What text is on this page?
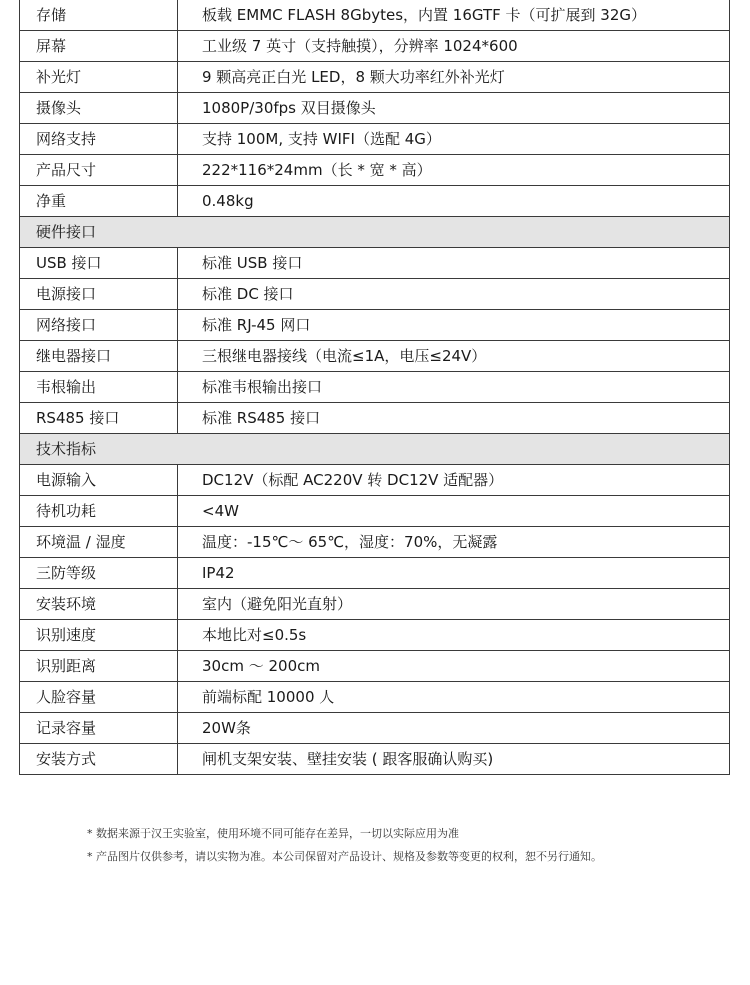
存储	板载 EMMC FLASH 8Gbytes，内置 16GTF 卡（可扩展到 32G）
屏幕	工业级 7 英寸（支持触摸），分辨率 1024*600
补光灯	9 颗高亮正白光 LED，8 颗大功率红外补光灯
摄像头	1080P/30fps 双目摄像头
网络支持	支持 100M, 支持 WIFI（选配 4G）
产品尺寸	222*116*24mm（长 * 宽 * 高）
净重	0.48kg
硬件接口	
USB 接口	标准 USB 接口
电源接口	标准 DC 接口
网络接口	标准 RJ-45 网口
继电器接口	三根继电器接线（电流≤1A，电压≤24V）
韦根输出	标准韦根输出接口
RS485 接口	标准 RS485 接口
技术指标	
电源输入	DC12V（标配 AC220V 转 DC12V 适配器）
待机功耗	<4W
环境温 / 湿度	温度：-15℃～ 65℃，湿度：70%，无凝露
三防等级	IP42
安装环境	室内（避免阳光直射）
识别速度	本地比对≤0.5s
识别距离	30cm ～ 200cm
人脸容量	前端标配 10000 人
记录容量	20W条
安装方式	闸机支架安装、壁挂安装 ( 跟客服确认购买)
* 数据来源于汉王实验室，使用环境不同可能存在差异，一切以实际应用为准
* 产品图片仅供参考，请以实物为准。本公司保留对产品设计、规格及参数等变更的权利，恕不另行通知。
